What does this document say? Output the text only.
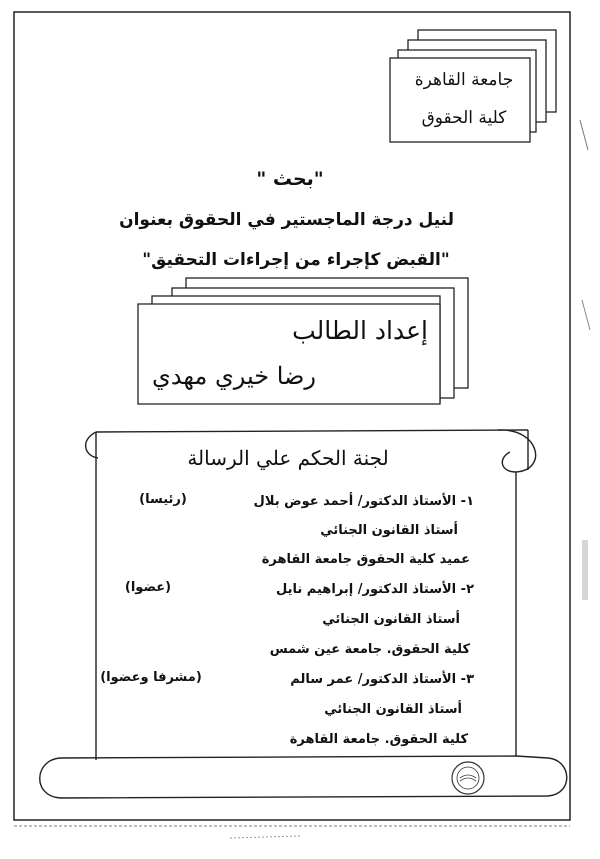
جامعة القاهرة
كلية الحقوق
"بحث "
لنيل درجة الماجستير في الحقوق بعنوان
"القبض كإجراء من إجراءات التحقيق"
إعداد الطالب
رضا خيري مهدي
لجنة الحكم علي الرسالة
١- الأستاذ الدكتور/ أحمد عوض بلال
(رئيسا)
أستاذ القانون الجنائي
عميد كلية الحقوق جامعة القاهرة
٢- الأستاذ الدكتور/ إبراهيم نايل
(عضوا)
أستاذ القانون الجنائي
كلية الحقوق. جامعة عين شمس
٣- الأستاذ الدكتور/ عمر سالم
(مشرفا وعضوا)
أستاذ القانون الجنائي
كلية الحقوق. جامعة القاهرة
